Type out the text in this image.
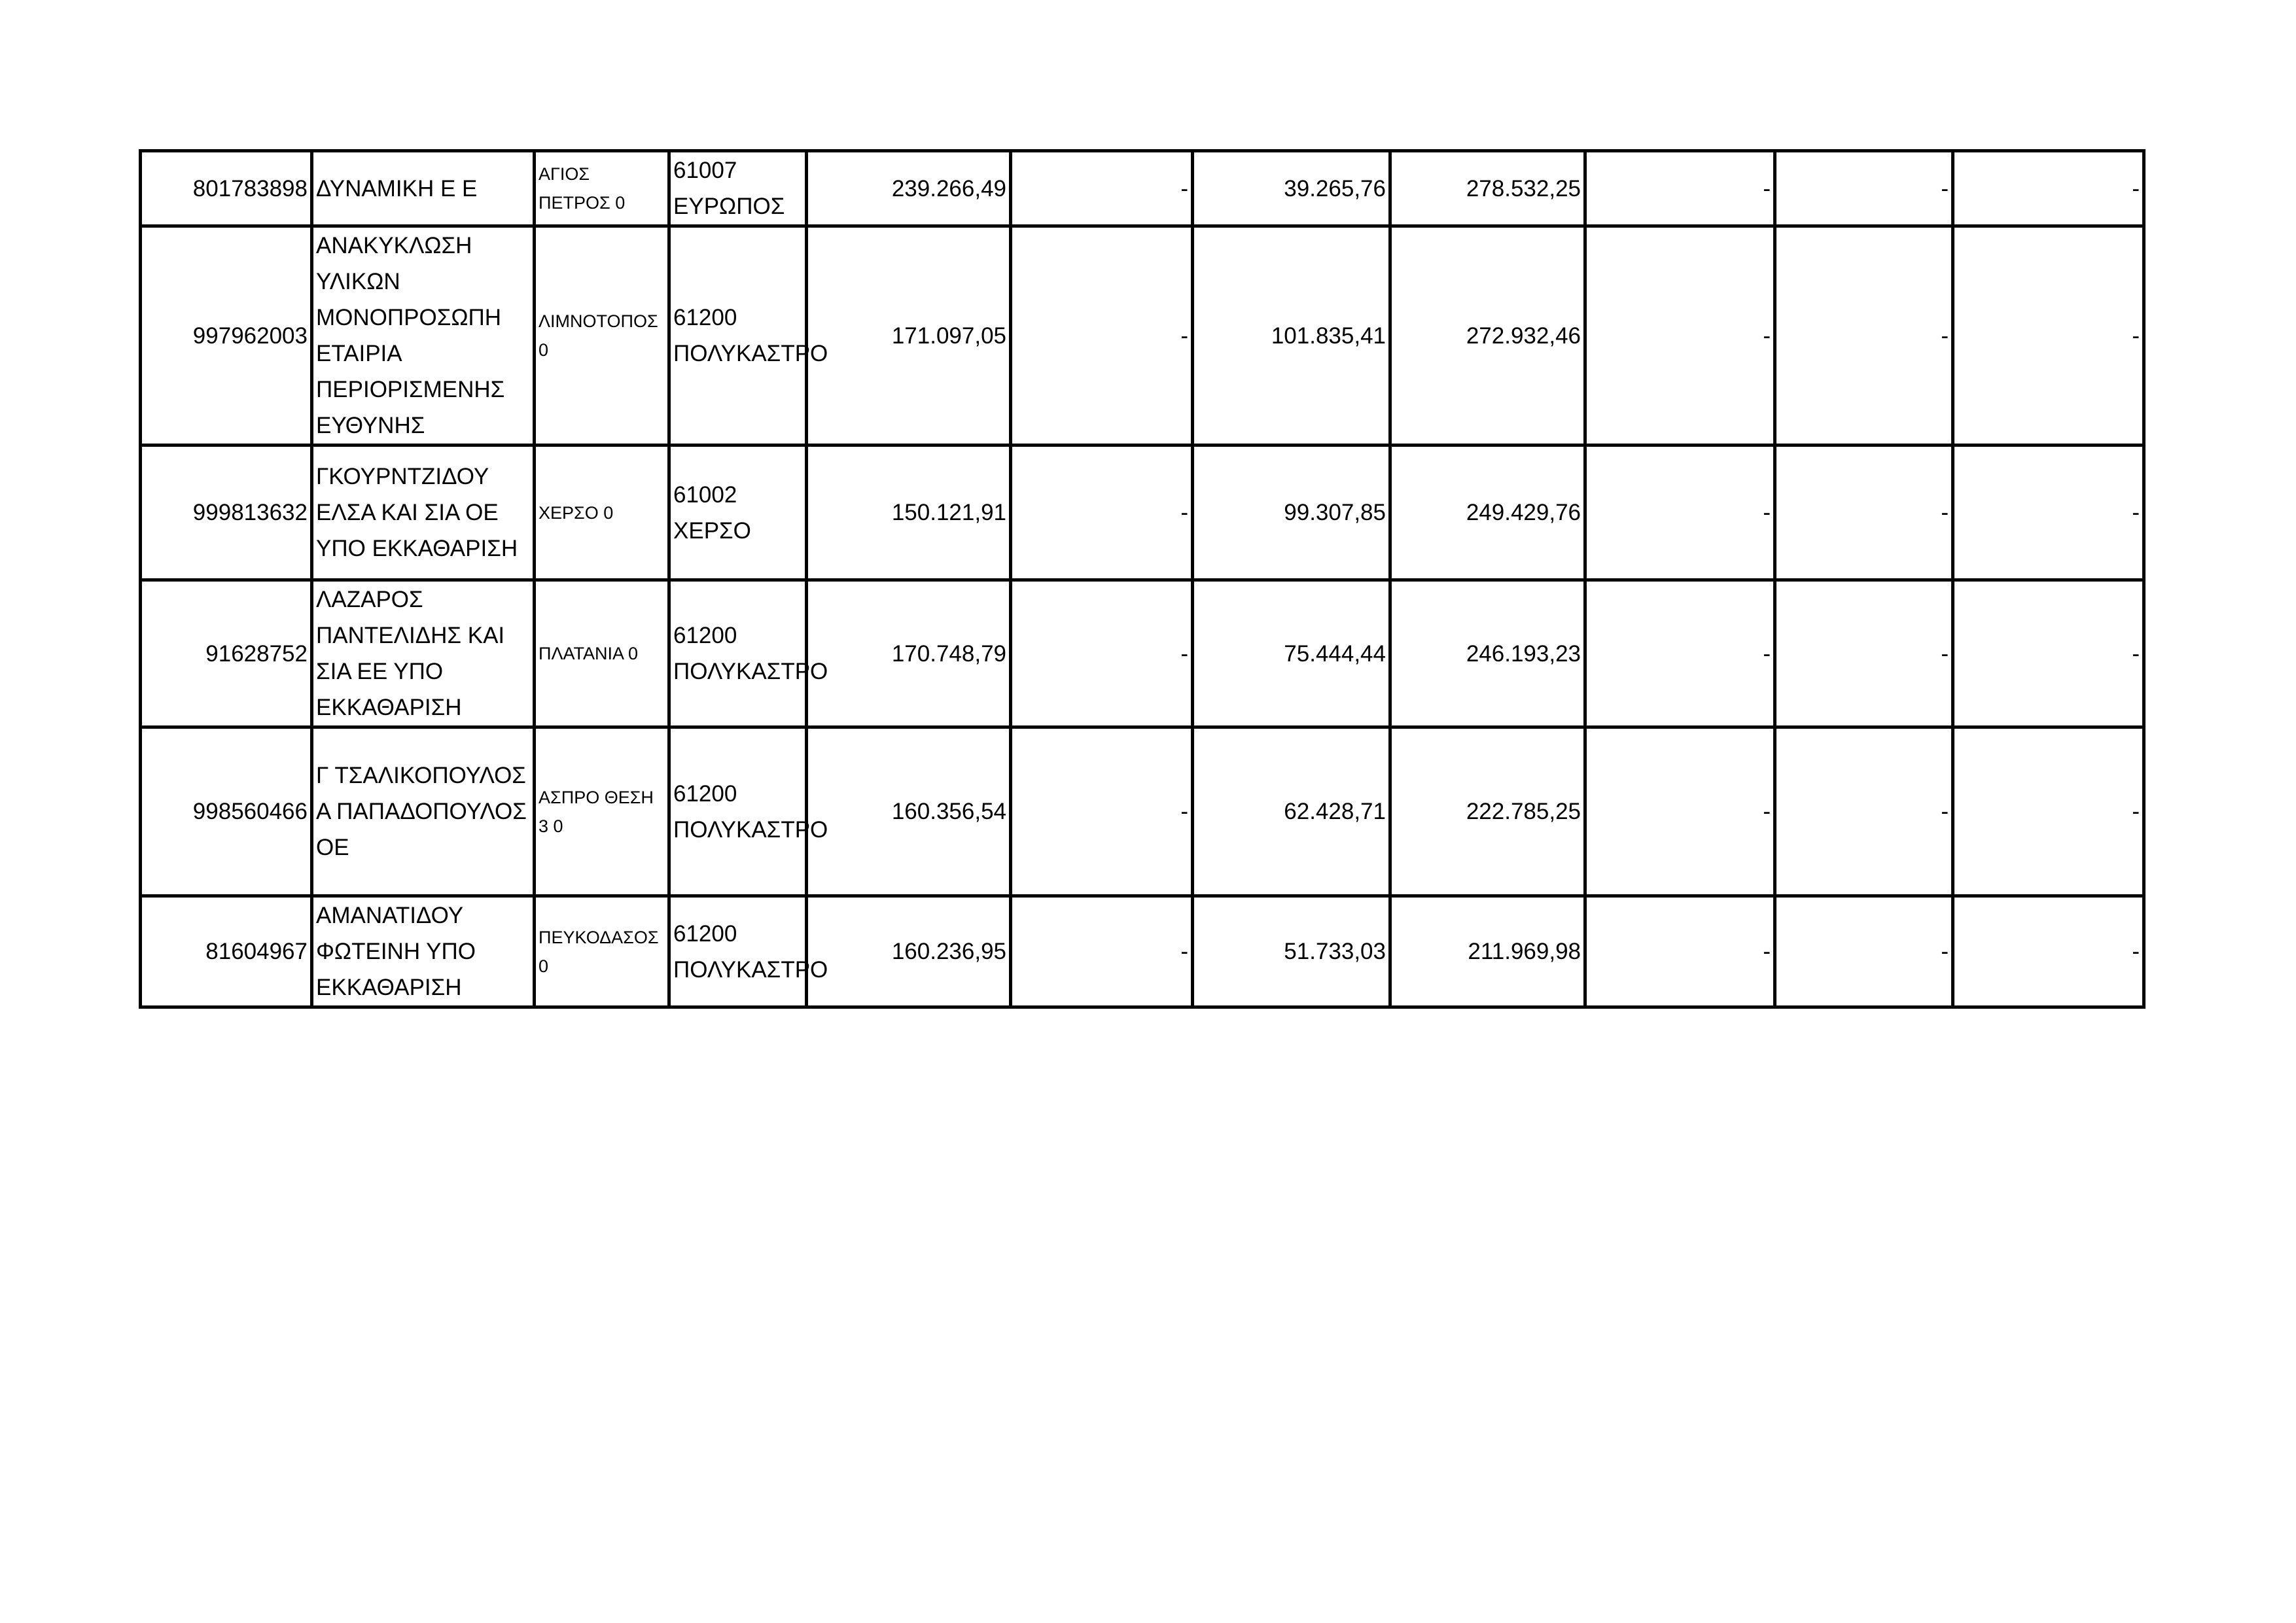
801783898	ΔΥΝΑΜΙΚΗ Ε Ε	ΑΓΙΟΣ ΠΕΤΡΟΣ 0	61007 ΕΥΡΩΠΟΣ	239.266,49	-	39.265,76	278.532,25	-	-	-
997962003	ΑΝΑΚΥΚΛΩΣΗ ΥΛΙΚΩΝ ΜΟΝΟΠΡΟΣΩΠΗ ΕΤΑΙΡΙΑ ΠΕΡΙΟΡΙΣΜΕΝΗΣ ΕΥΘΥΝΗΣ	ΛΙΜΝΟΤΟΠΟΣ 0	61200 ΠΟΛΥΚΑΣΤΡΟ	171.097,05	-	101.835,41	272.932,46	-	-	-
999813632	ΓΚΟΥΡΝΤΖΙΔΟΥ ΕΛΣΑ ΚΑΙ ΣΙΑ ΟΕ ΥΠΟ ΕΚΚΑΘΑΡΙΣΗ	ΧΕΡΣΟ 0	61002 ΧΕΡΣΟ	150.121,91	-	99.307,85	249.429,76	-	-	-
91628752	ΛΑΖΑΡΟΣ ΠΑΝΤΕΛΙΔΗΣ ΚΑΙ ΣΙΑ ΕΕ ΥΠΟ ΕΚΚΑΘΑΡΙΣΗ	ΠΛΑΤΑΝΙΑ 0	61200 ΠΟΛΥΚΑΣΤΡΟ	170.748,79	-	75.444,44	246.193,23	-	-	-
998560466	Γ ΤΣΑΛΙΚΟΠΟΥΛΟΣ Α ΠΑΠΑΔΟΠΟΥΛΟΣ ΟΕ	ΑΣΠΡΟ ΘΕΣΗ 3 0	61200 ΠΟΛΥΚΑΣΤΡΟ	160.356,54	-	62.428,71	222.785,25	-	-	-
81604967	ΑΜΑΝΑΤΙΔΟΥ ΦΩΤΕΙΝΗ ΥΠΟ ΕΚΚΑΘΑΡΙΣΗ	ΠΕΥΚΟΔΑΣΟΣ 0	61200 ΠΟΛΥΚΑΣΤΡΟ	160.236,95	-	51.733,03	211.969,98	-	-	-
